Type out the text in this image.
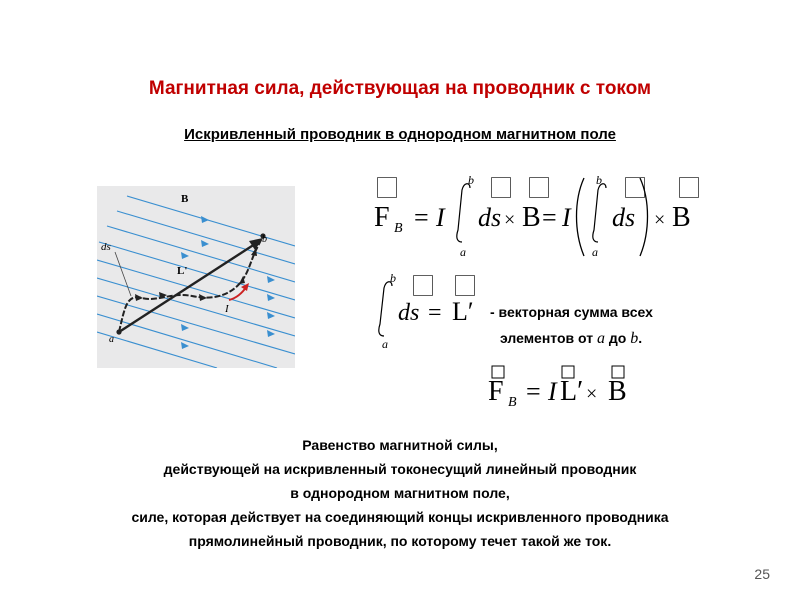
Магнитная сила, действующая на проводник с током
Искривленный проводник в однородном магнитном поле
B
ds
b
a
L'
I
⃞
F B = I
b
a
⃞
ds ×
⃞
B = I
b
a
⃞
ds ×
⃞
B
b
a
⃞
ds =
⃞
L′ - векторная сумма всех
элементов от a до b.
F B = I L′ × B
Равенство магнитной силы,
действующей на искривленный токонесущий линейный проводник
в однородном магнитном поле,
силе, которая действует на соединяющий концы искривленного проводника
прямолинейный проводник, по которому течет такой же ток.
25
